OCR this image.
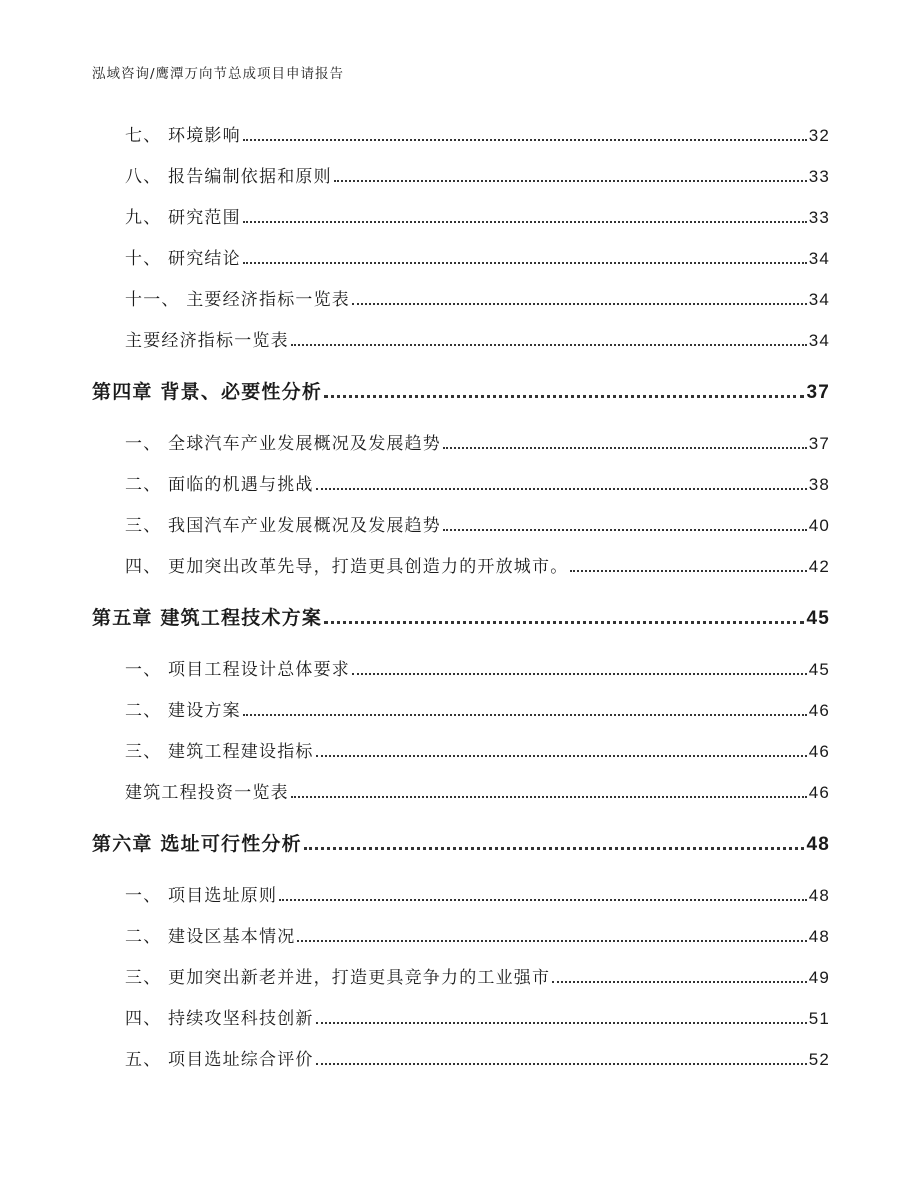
泓域咨询/鹰潭万向节总成项目申请报告
七、 环境影响	32
八、 报告编制依据和原则	33
九、 研究范围	33
十、 研究结论	34
十一、 主要经济指标一览表	34
主要经济指标一览表	34
第四章 背景、必要性分析	37
一、 全球汽车产业发展概况及发展趋势	37
二、 面临的机遇与挑战	38
三、 我国汽车产业发展概况及发展趋势	40
四、 更加突出改革先导，打造更具创造力的开放城市。	42
第五章 建筑工程技术方案	45
一、 项目工程设计总体要求	45
二、 建设方案	46
三、 建筑工程建设指标	46
建筑工程投资一览表	46
第六章 选址可行性分析	48
一、 项目选址原则	48
二、 建设区基本情况	48
三、 更加突出新老并进，打造更具竞争力的工业强市	49
四、 持续攻坚科技创新	51
五、 项目选址综合评价	52
